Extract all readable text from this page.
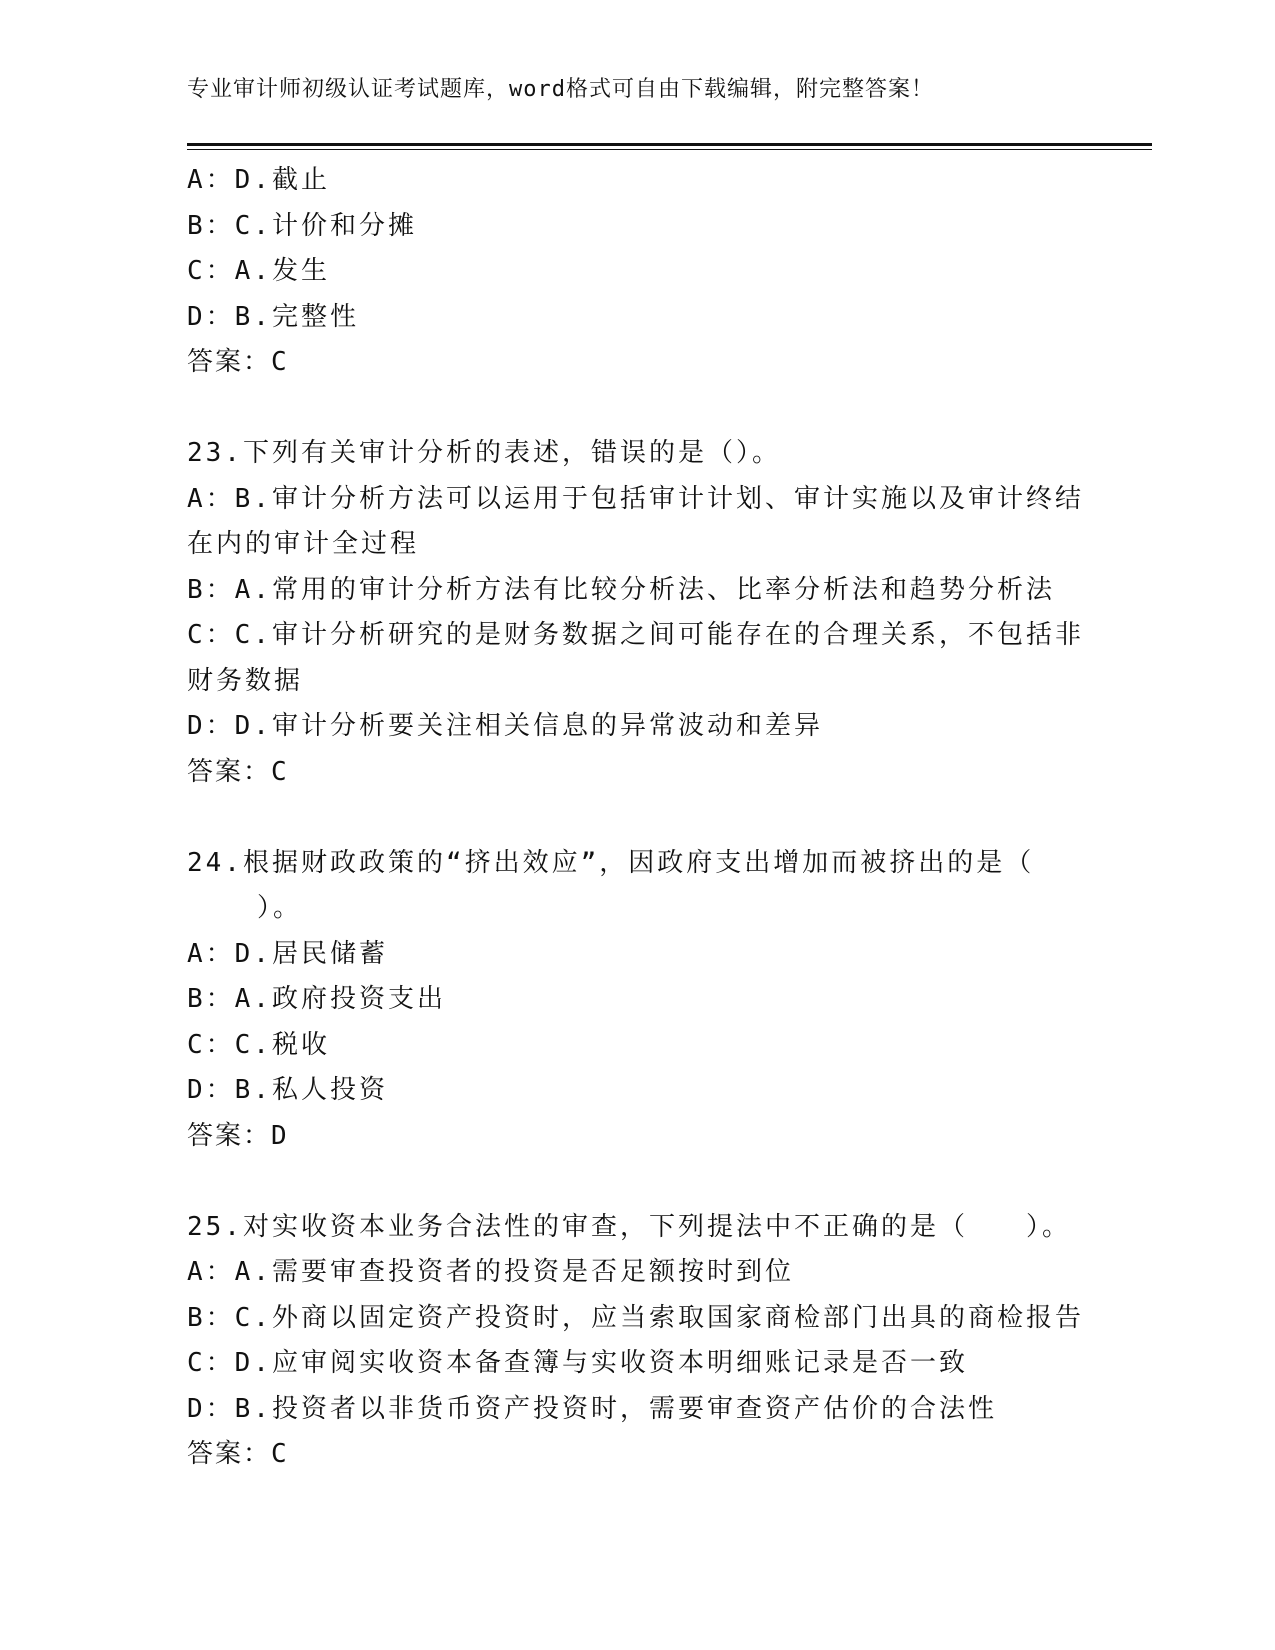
专业审计师初级认证考试题库，word格式可自由下载编辑，附完整答案！
A：D.截止
B：C.计价和分摊
C：A.发生
D：B.完整性
答案：C
23.下列有关审计分析的表述，错误的是（）。
A：B.审计分析方法可以运用于包括审计计划、审计实施以及审计终结
在内的审计全过程
B：A.常用的审计分析方法有比较分析法、比率分析法和趋势分析法
C：C.审计分析研究的是财务数据之间可能存在的合理关系，不包括非
财务数据
D：D.审计分析要关注相关信息的异常波动和差异
答案：C
24.根据财政政策的“挤出效应”，因政府支出增加而被挤出的是（
）。
A：D.居民储蓄
B：A.政府投资支出
C：C.税收
D：B.私人投资
答案：D
25.对实收资本业务合法性的审查，下列提法中不正确的是（　　）。
A：A.需要审查投资者的投资是否足额按时到位
B：C.外商以固定资产投资时，应当索取国家商检部门出具的商检报告
C：D.应审阅实收资本备查簿与实收资本明细账记录是否一致
D：B.投资者以非货币资产投资时，需要审查资产估价的合法性
答案：C
